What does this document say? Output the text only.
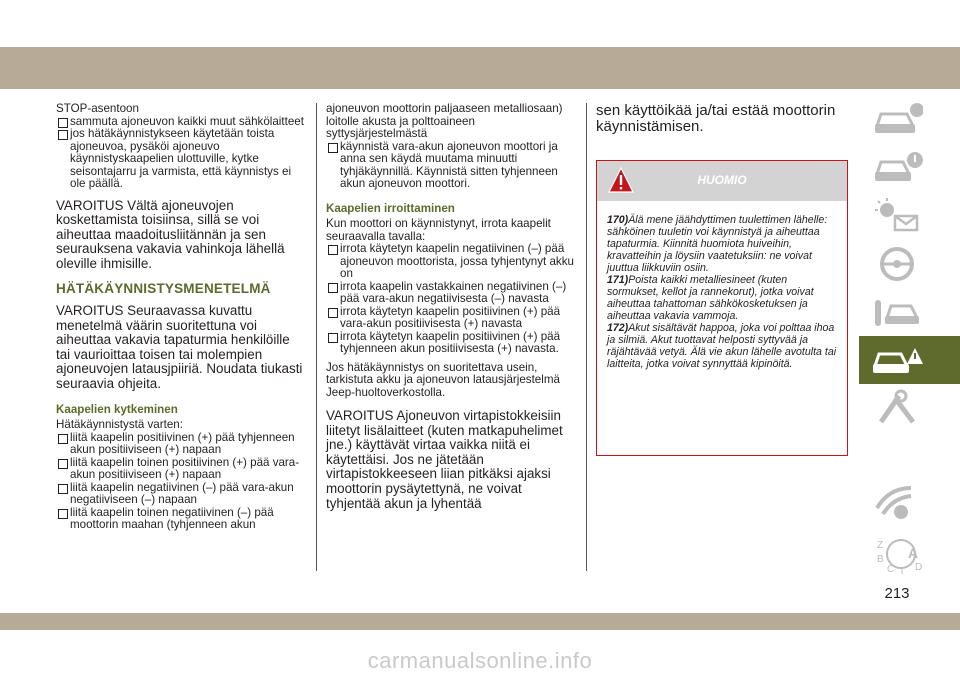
STOP-asentoon

sammuta ajoneuvon kaikki muut sähkölaitteet

jos hätäkäynnistykseen käytetään toista ajoneuvoa, pysäköi ajoneuvo käynnistyskaapelien ulottuville, kytke seisontajarru ja varmista, että käynnistys ei ole päällä.

VAROITUS Vältä ajoneuvojen koskettamista toisiinsa, sillä se voi aiheuttaa maadoitusliitännän ja sen seurauksena vakavia vahinkoja lähellä oleville ihmisille.

HÄTÄKÄYNNISTYSMENETELMÄ

VAROITUS Seuraavassa kuvattu menetelmä väärin suoritettuna voi aiheuttaa vakavia tapaturmia henkilöille tai vaurioittaa toisen tai molempien ajoneuvojen latausjpiiriä. Noudata tiukasti seuraavia ohjeita.

Kaapelien kytkeminen

Hätäkäynnistystä varten:

liitä kaapelin positiivinen (+) pää tyhjenneen akun positiiviseen (+) napaan

liitä kaapelin toinen positiivinen (+) pää vara-akun positiiviseen (+) napaan

liitä kaapelin negatiivinen (–) pää vara-akun negatiiviseen (–) napaan

liitä kaapelin toinen negatiivinen (–) pää moottorin maahan (tyhjenneen akun

ajoneuvon moottorin paljaaseen metalliosaan) loitolle akusta ja polttoaineen syttysjärjestelmästä

käynnistä vara-akun ajoneuvon moottori ja anna sen käydä muutama minuutti tyhjäkäynnillä. Käynnistä sitten tyhjenneen akun ajoneuvon moottori.

Kaapelien irroittaminen

Kun moottori on käynnistynyt, irrota kaapelit seuraavalla tavalla:

irrota käytetyn kaapelin negatiivinen (–) pää ajoneuvon moottorista, jossa tyhjentynyt akku on

irrota kaapelin vastakkainen negatiivinen (–) pää vara-akun negatiivisesta (–) navasta

irrota käytetyn kaapelin positiivinen (+) pää vara-akun positiivisesta (+) navasta

irrota käytetyn kaapelin positiivinen (+) pää tyhjenneen akun positiivisesta (+) navasta.

Jos hätäkäynnistys on suoritettava usein, tarkistuta akku ja ajoneuvon latausjärjestelmä Jeep-huoltoverkostolla.

VAROITUS Ajoneuvon virtapistokkeisiin liitetyt lisälaitteet (kuten matkapuhelimet jne.) käyttävät virtaa vaikka niitä ei käytettäisi. Jos ne jätetään virtapistokkeeseen liian pitkäksi ajaksi moottorin pysäytettynä, ne voivat tyhjentää akun ja lyhentää

sen käyttöikää ja/tai estää moottorin käynnistämisen.

HUOMIO

170)Älä mene jäähdyttimen tuulettimen lähelle: sähköinen tuuletin voi käynnistyä ja aiheuttaa tapaturmia. Kiinnitä huomiota huiveihin, kravatteihin ja löysiin vaatetuksiin: ne voivat juuttua liikkuviin osiin.

171)Poista kaikki metalliesineet (kuten sormukset, kellot ja rannekorut), jotka voivat aiheuttaa tahattoman sähkökosketuksen ja aiheuttaa vakavia vammoja.

172)Akut sisältävät happoa, joka voi polttaa ihoa ja silmiä. Akut tuottavat helposti syttyvää ja räjähtävää vetyä. Älä vie akun lähelle avotulta tai laitteita, jotka voivat synnyttää kipinöitä.

Z A
B
C D
T
213
carmanualsonline.info
